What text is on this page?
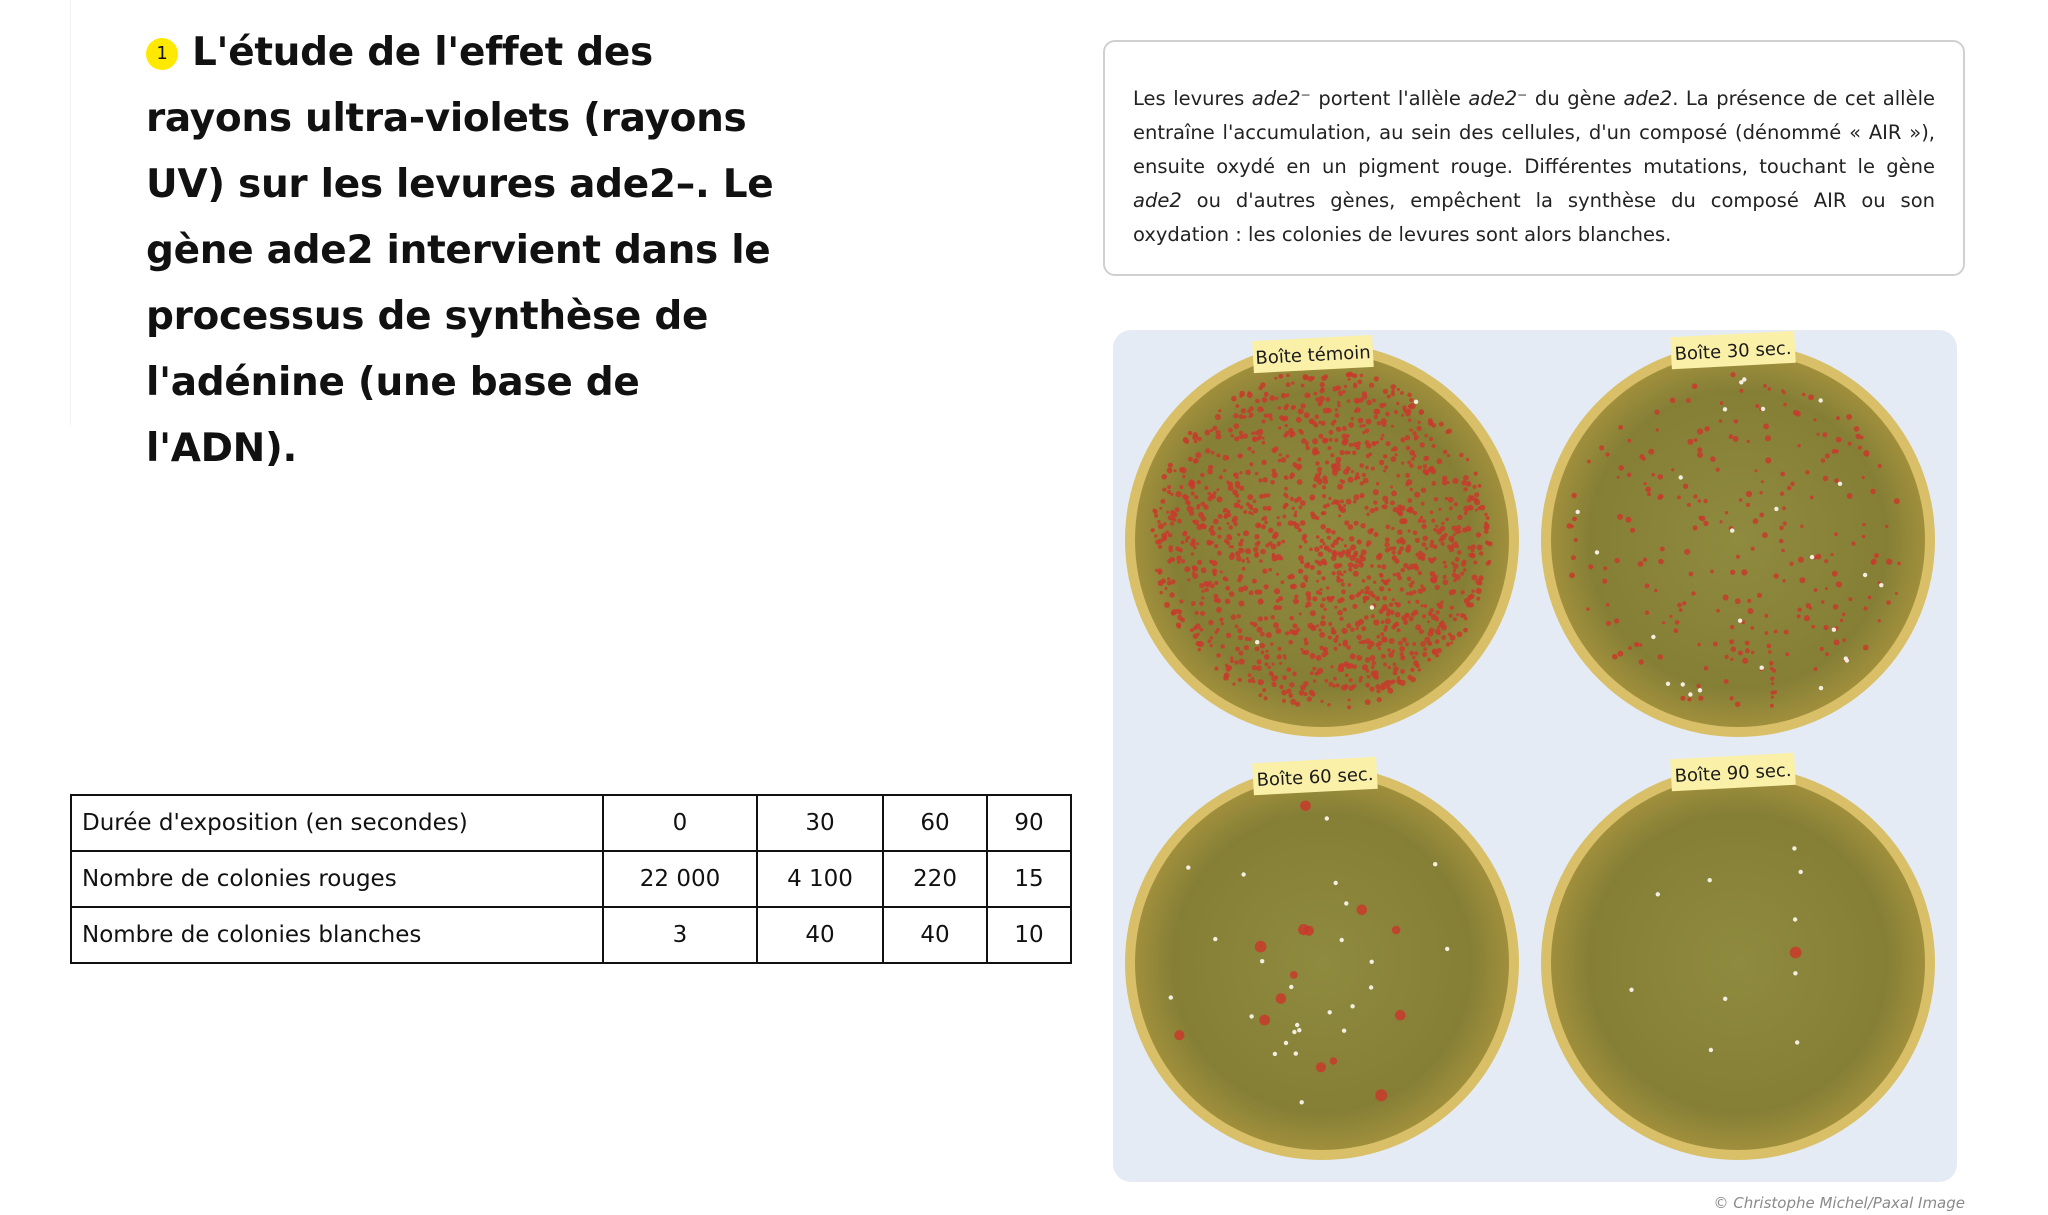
1 L'étude de l'effet des rayons ultra-violets (rayons UV) sur les levures ade2–. Le gène ade2 intervient dans le processus de synthèse de l'adénine (une base de l'ADN).
Durée d'exposition (en secondes)	0	30	60	90
Nombre de colonies rouges	22 000	4 100	220	15
Nombre de colonies blanches	3	40	40	10

Les levures ade2⁻ portent l'allèle ade2⁻ du gène ade2. La présence de cet allèle entraîne l'accumulation, au sein des cellules, d'un composé (dénommé « AIR »), ensuite oxydé en un pigment rouge. Différentes mutations, touchant le gène ade2 ou d'autres gènes, empêchent la synthèse du composé AIR ou son oxydation : les colonies de levures sont alors blanches.

Boîte témoin	Boîte 30 sec.
Boîte 60 sec.	Boîte 90 sec.
© Christophe Michel/Paxal Image
